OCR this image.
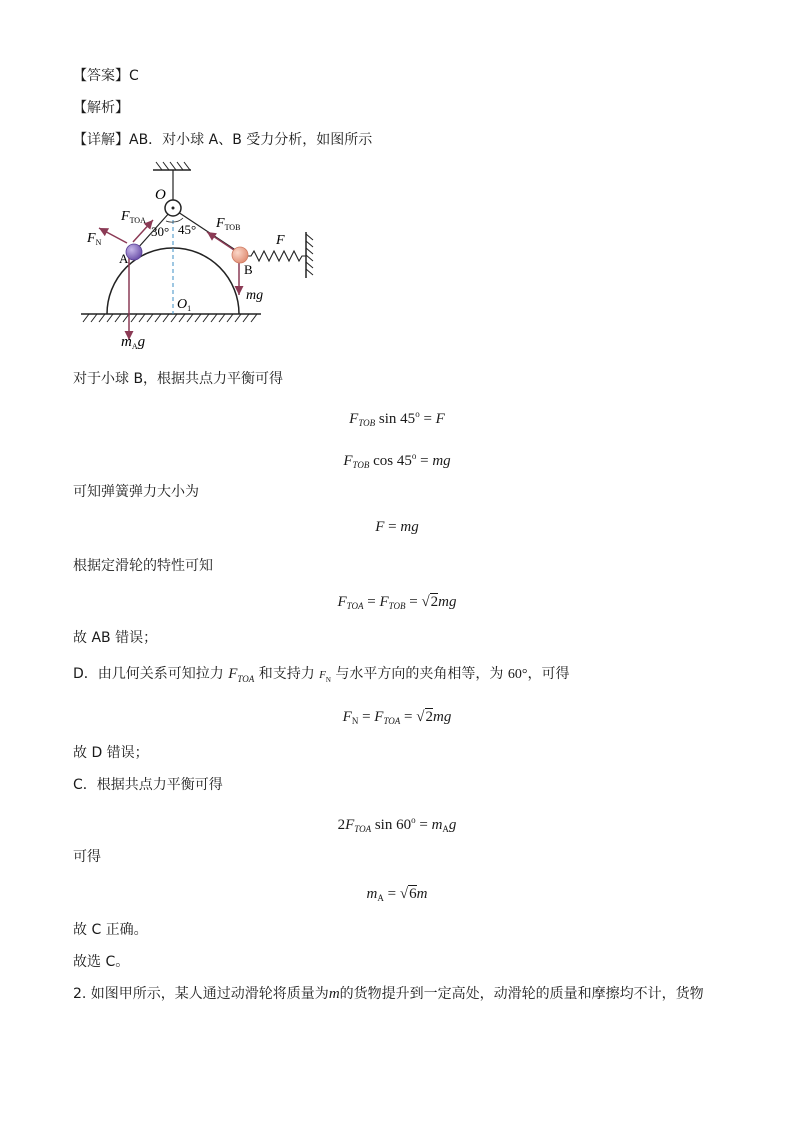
【答案】C
【解析】
【详解】AB．对小球 A、B 受力分析，如图所示
O
$F_{TOA}$	$F_{TOB}$
$F_N$
30° 45°
A
B
F
mg
$O_1$
$m_Ag$
对于小球 B，根据共点力平衡可得
$F_{TOB}$ $\sin 45^o = F$
$F_{TOB}$ $\cos 45^o$ = mg
可知弹簧弹力大小为
F = mg
根据定滑轮的特性可知
$F_{TOA} = F_{TOB} = √2mg$
故 AB 错误；
D．由几何关系可知拉力 $F_{TOA}$ 和支持力 $F_N$ 与水平方向的夹角相等，为 60°，可得
$F_N = F_{TOA} = √2mg$
故 D 错误；
C．根据共点力平衡可得
$2F_{TOA}$ $\sin 60^o = m_Ag$
可得
$m_A = √6m$
故 C 正确。
故选 C。
2. 如图甲所示，某人通过动滑轮将质量为m的货物提升到一定高处，动滑轮的质量和摩擦均不计，货物
